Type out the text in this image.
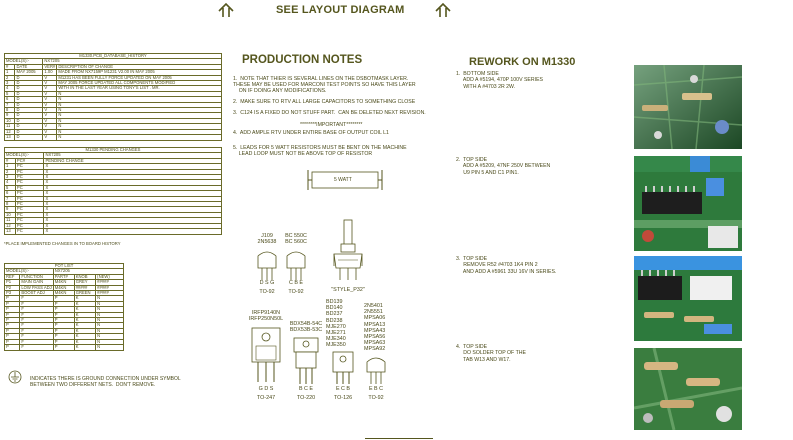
SEE LAYOUT DIAGRAM
M1330.PCB_DATABASE_HISTORY			
MODEL(S):-		NX7205	
#	DATE	VER#	DESCRIPTION OF CHANGE
1	MAY 2005	1.00	MADE FROM NX7159P M1231 V2.00 IN MAY 2005
2	D	V	M1231 HAS BEEN FULLY FORCE UPDATED ON MAY 2005
3	D	V	MAY 2005 FORCE UPDATED ALL COMPONENTS MODIFIED
4	D	V	WITH IN THE LAST YEAR USING TONY'S LIST . MR.
5	D	V	N
6	D	V	N
7	D	V	N
8	D	V	N
9	D	V	N
10	D	V	N
11	D	V	N
12	D	V	N
13	D	V	N
M1330 PENDING CHANGES		
MODEL(S):-		NX7205
#	PC#	PENDING CHANGE
1	PC	X
2	PC	X
3	PC	X
4	PC	X
5	PC	X
6	PC	X
7	PC	X
8	PC	X
9	PC	X
10	PC	X
11	PC	X
12	PC	X
13	PC	X
*PLACE IMPLEMENTED CHANGES IN TO BOARD HISTORY
POT LIST				
MODEL(S):-		NX7205		
REF	FUNCTION	PART#	KNOB	(NEW)
P1	MAIN GAIN	M4KN	GREY	#####
P2	LOW PASS ADJ	M4KN	#####	#####
P3	BOOST ADJ	M4KN	GREEN	#####
P	F	P	K	N
P	F	P	K	N
P	F	P	K	N
P	F	P	K	N
P	F	P	K	N
P	F	P	K	N
P	F	P	K	N
P	F	P	K	N
P	F	P	K	N
P	F	P	K	N
INDICATES THERE IS GROUND CONNECTION UNDER SYMBOL
BETWEEN TWO DIFFERENT NETS.  DON'T REMOVE.
PRODUCTION NOTES
1.  NOTE THAT THIER IS SEVERAL LINES ON THE DSBOTMASK LAYER.
THESE MAY BE USED FOR MARCONI TEST POINTS SO HAVE THIS LAYER
ON IF DOING ANY MODIFICATIONS.
2.  MAKE SURE TO RTV ALL LARGE CAPACITORS TO SOMETHING CLOSE
3.  C124 IS A FIXED DO NOT STUFF PART.  CAN BE DELETED NEXT REVISION.
********IMPORTANT********
4.  ADD AMPLE RTV UNDER ENTIRE BASE OF OUTPUT COIL L1
5.  LEADS FOR 5 WATT RESISTORS MUST BE BENT ON THE MACHINE
LEAD LOOP MUST NOT BE ABOVE TOP OF RESISTOR
5 WATT
J109
2N5638
D S G
TO-92
BC 550C
BC 560C
C B E
TO-92	"STYLE_P32"
IRFP9140N
IRFP250N50L
G D S
TO-247
BDX54B-54C
BDX53B-53C
B C E
TO-220
BD139
BD140
BD237
BD238
MJE270
MJE271
MJE340
MJE350
E C B
TO-126
2N5401
2N5551
MPSA06
MPSA13
MPSA43
MPSA56
MPSA63
MPSA92
E B C
TO-92
REWORK ON M1330
1.  BOTTOM SIDE
ADD A #5194, 470P 100V SERIES
WITH A #4703 2R 2W.
2.  TOP SIDE
ADD A #5209, 47NF 250V BETWEEN
U9 PIN 5 AND C1 PIN1.
3.  TOP SIDE
REMOVE R52 #4703 1K4 PIN 2
AND ADD A #5961 33U 16V IN SERIES.
4.  TOP SIDE
DO SOLDER TOP OF THE
TAB W13 AND W17.
